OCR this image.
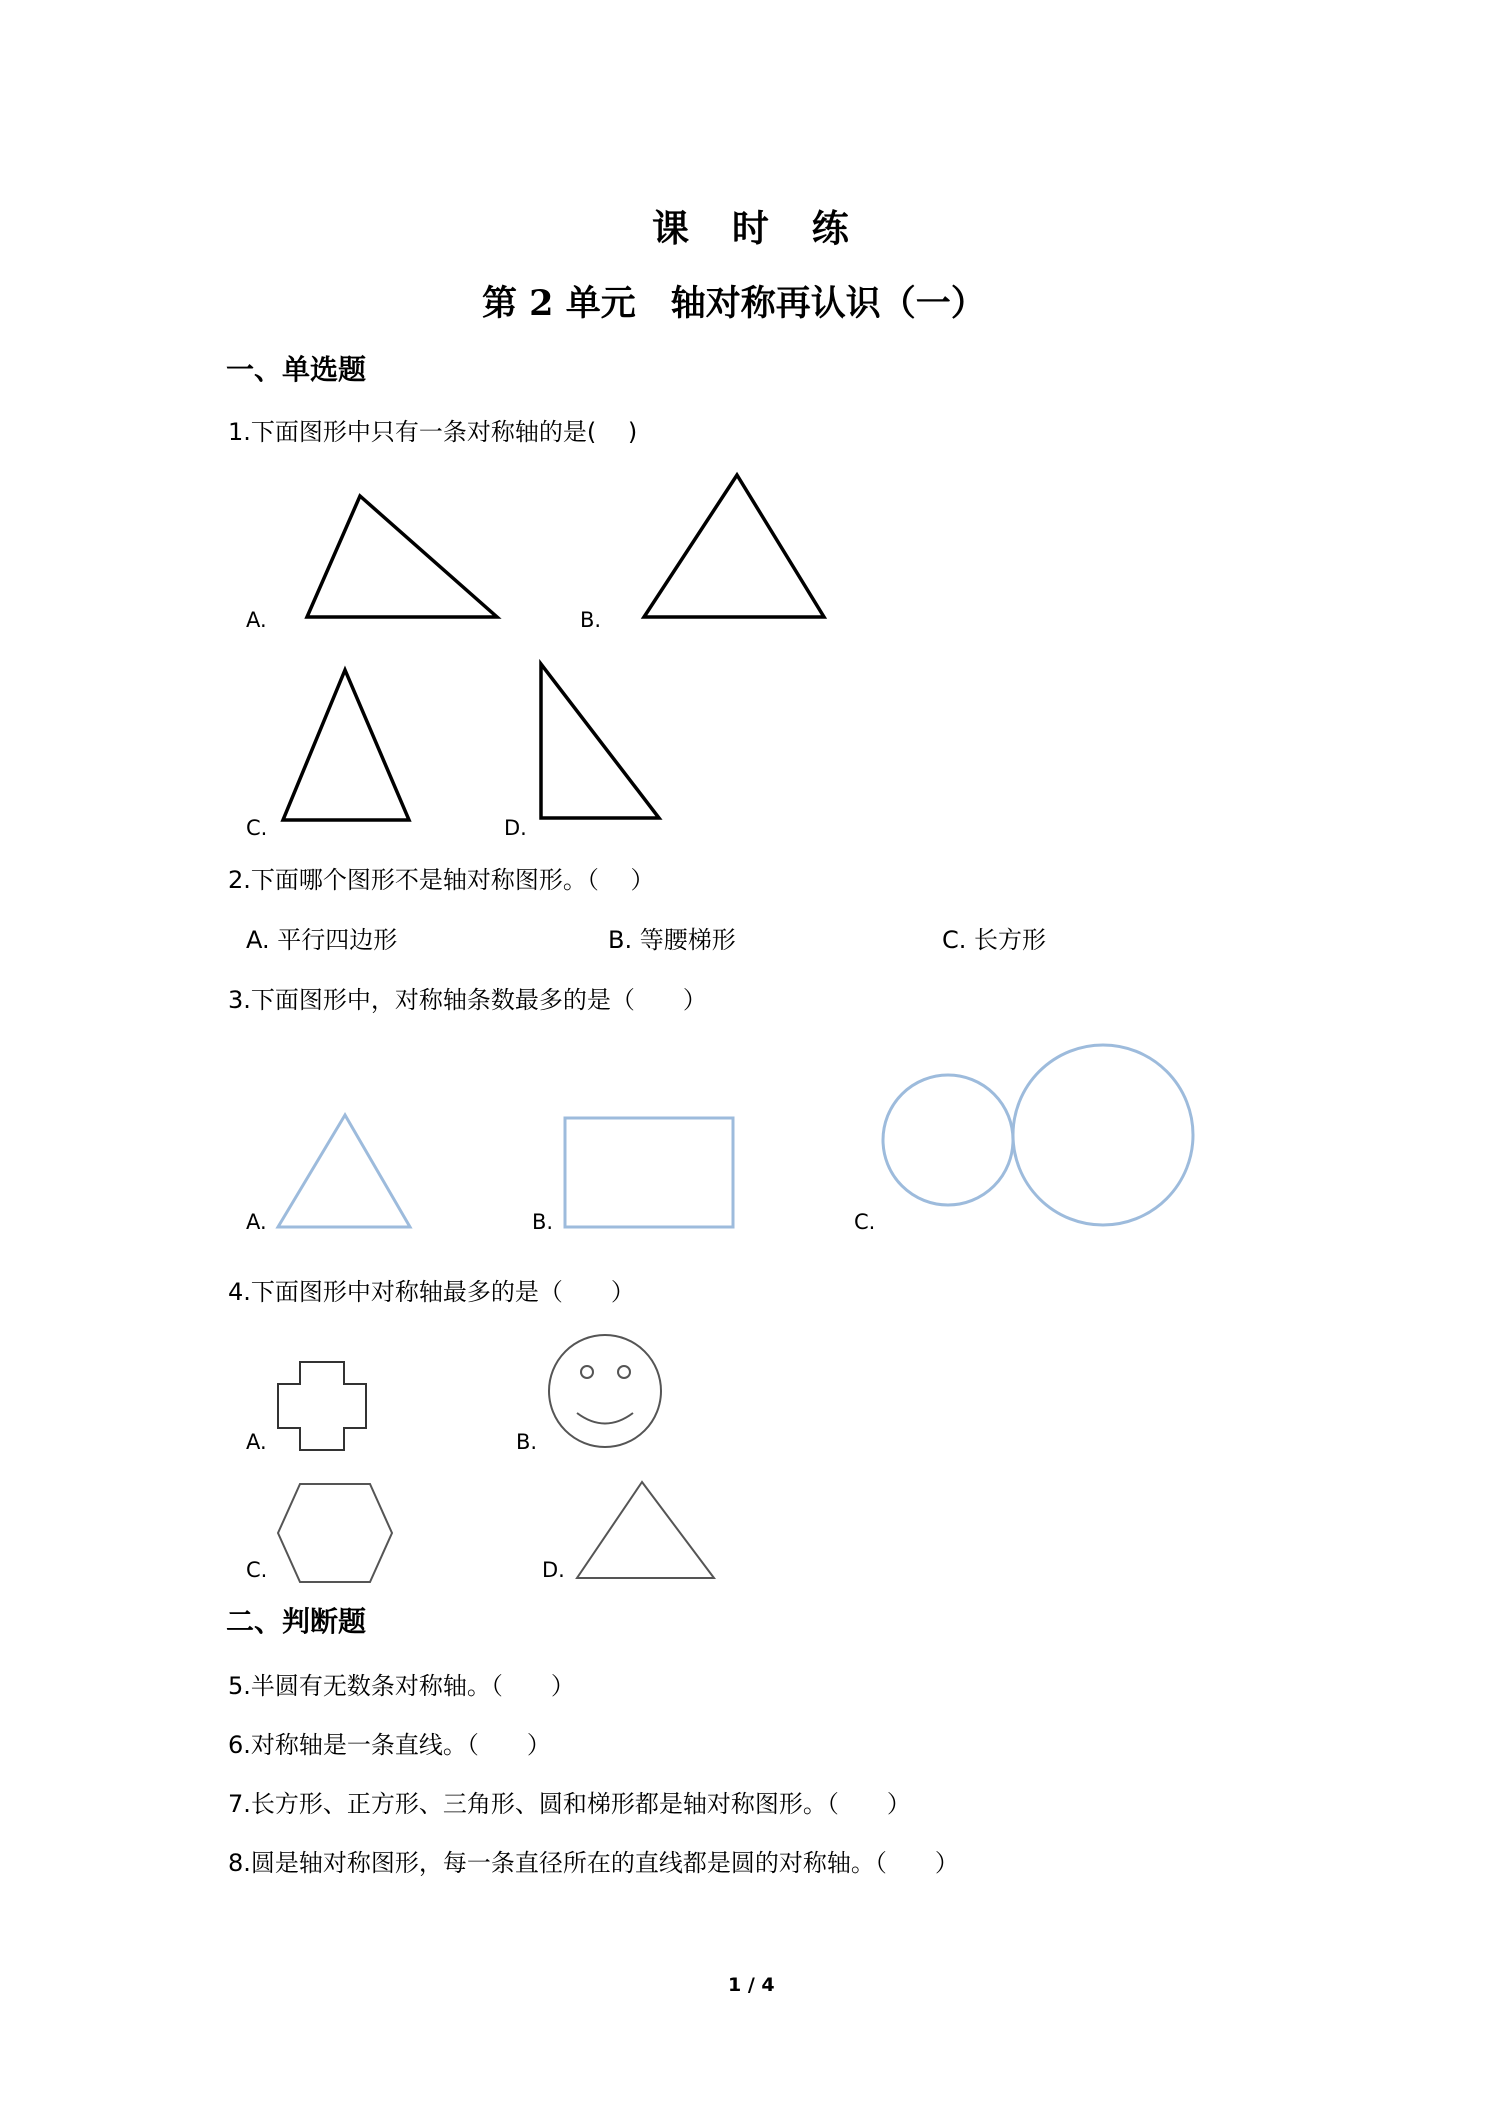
课 时 练
第 2 单元　轴对称再认识（一）
一、单选题
1.下面图形中只有一条对称轴的是(　 )
A.	B.
C.	D.
2.下面哪个图形不是轴对称图形。（　 ）
A. 平行四边形	B. 等腰梯形	C. 长方形
3.下面图形中，对称轴条数最多的是（　　）
A.	B.	C.
4.下面图形中对称轴最多的是（　　）
A.	B.
C.	D.
二、判断题
5.半圆有无数条对称轴。（　　）
6.对称轴是一条直线。（　　）
7.长方形、正方形、三角形、圆和梯形都是轴对称图形。（　　）
8.圆是轴对称图形，每一条直径所在的直线都是圆的对称轴。（　　）
1 / 4
